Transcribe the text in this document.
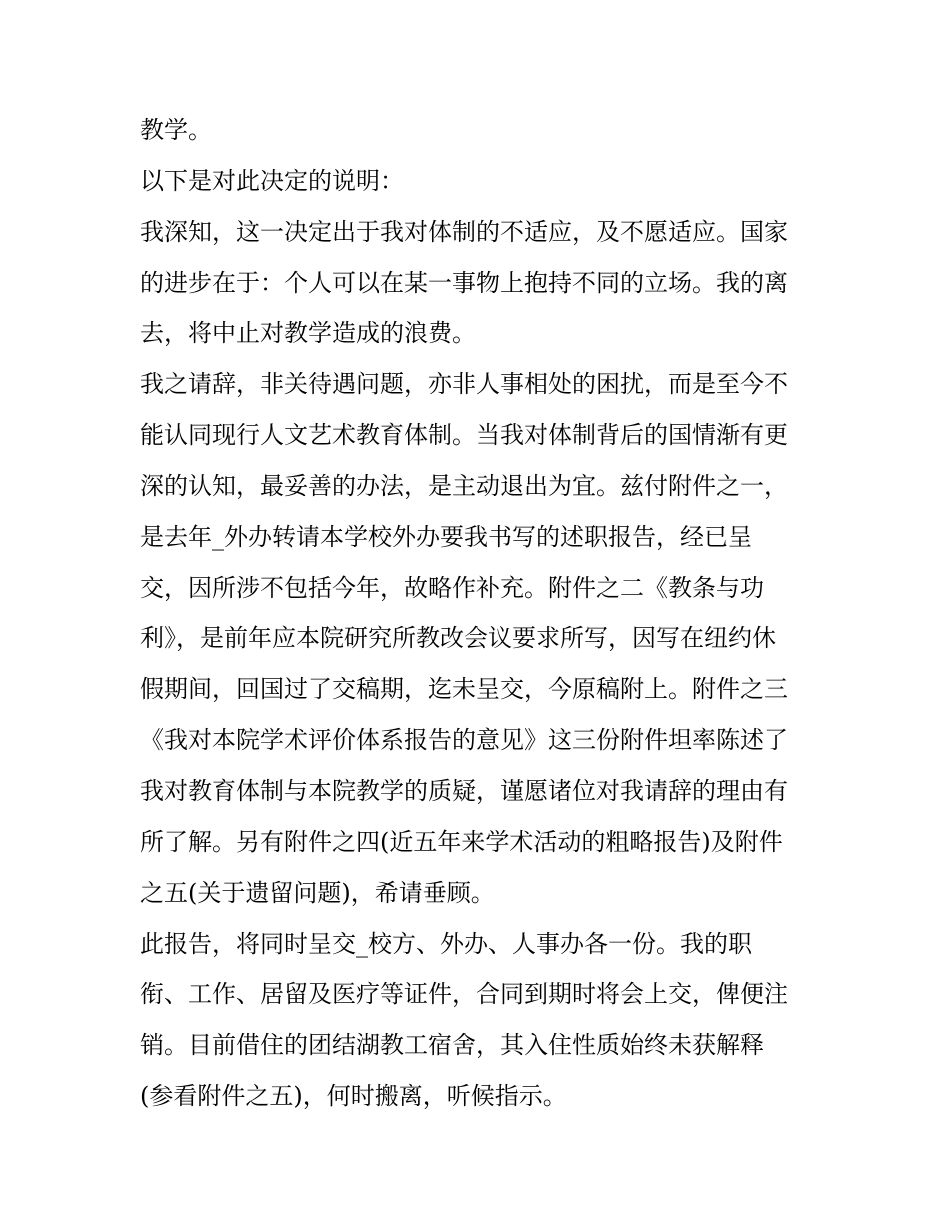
教学。
以下是对此决定的说明：
我深知，这一决定出于我对体制的不适应，及不愿适应。国家
的进步在于：个人可以在某一事物上抱持不同的立场。我的离
去，将中止对教学造成的浪费。
我之请辞，非关待遇问题，亦非人事相处的困扰，而是至今不
能认同现行人文艺术教育体制。当我对体制背后的国情渐有更
深的认知，最妥善的办法，是主动退出为宜。兹付附件之一，
是去年_外办转请本学校外办要我书写的述职报告，经已呈
交，因所涉不包括今年，故略作补充。附件之二《教条与功
利》，是前年应本院研究所教改会议要求所写，因写在纽约休
假期间，回国过了交稿期，迄未呈交，今原稿附上。附件之三
《我对本院学术评价体系报告的意见》这三份附件坦率陈述了
我对教育体制与本院教学的质疑，谨愿诸位对我请辞的理由有
所了解。另有附件之四(近五年来学术活动的粗略报告)及附件
之五(关于遗留问题)，希请垂顾。
此报告，将同时呈交_校方、外办、人事办各一份。我的职
衔、工作、居留及医疗等证件，合同到期时将会上交，俾便注
销。目前借住的团结湖教工宿舍，其入住性质始终未获解释
(参看附件之五)，何时搬离，听候指示。
